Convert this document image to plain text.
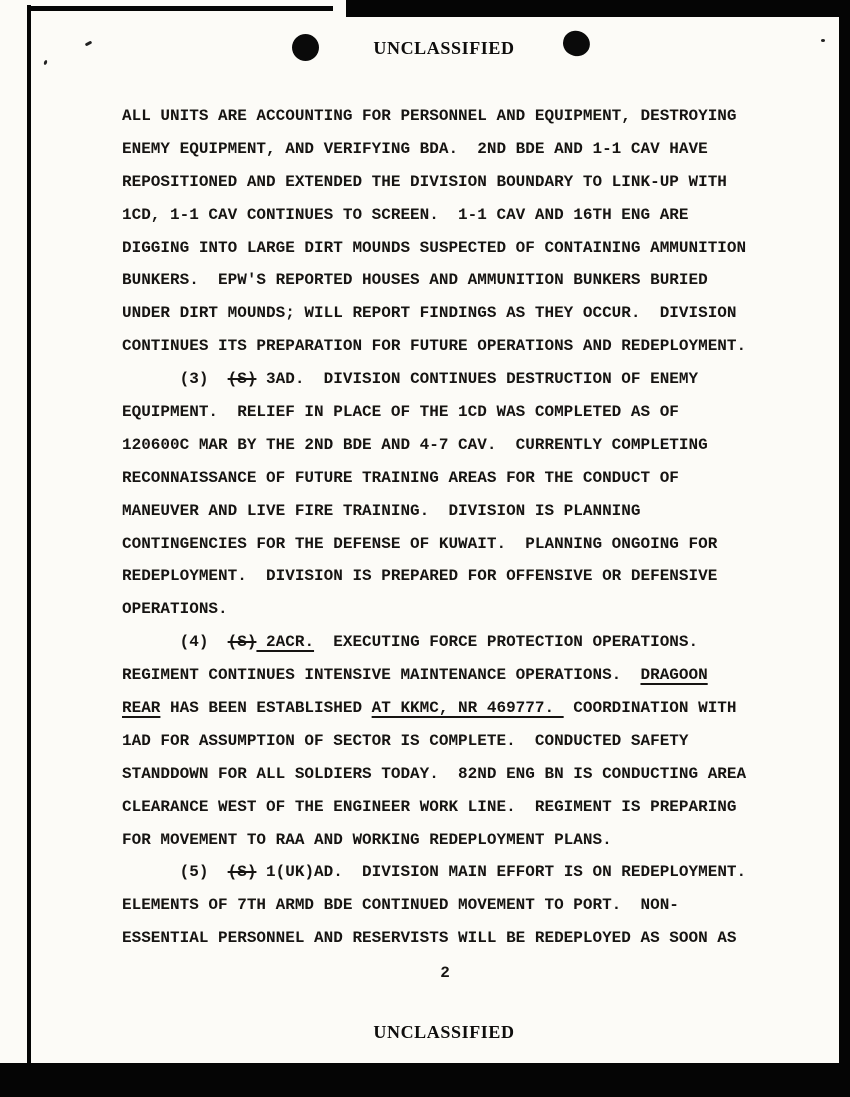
UNCLASSIFIED
ALL UNITS ARE ACCOUNTING FOR PERSONNEL AND EQUIPMENT, DESTROYING
ENEMY EQUIPMENT, AND VERIFYING BDA.  2ND BDE AND 1-1 CAV HAVE
REPOSITIONED AND EXTENDED THE DIVISION BOUNDARY TO LINK-UP WITH
1CD, 1-1 CAV CONTINUES TO SCREEN.  1-1 CAV AND 16TH ENG ARE
DIGGING INTO LARGE DIRT MOUNDS SUSPECTED OF CONTAINING AMMUNITION
BUNKERS.  EPW'S REPORTED HOUSES AND AMMUNITION BUNKERS BURIED
UNDER DIRT MOUNDS; WILL REPORT FINDINGS AS THEY OCCUR.  DIVISION
CONTINUES ITS PREPARATION FOR FUTURE OPERATIONS AND REDEPLOYMENT.
(3)  (S) 3AD.  DIVISION CONTINUES DESTRUCTION OF ENEMY
EQUIPMENT.  RELIEF IN PLACE OF THE 1CD WAS COMPLETED AS OF
120600C MAR BY THE 2ND BDE AND 4-7 CAV.  CURRENTLY COMPLETING
RECONNAISSANCE OF FUTURE TRAINING AREAS FOR THE CONDUCT OF
MANEUVER AND LIVE FIRE TRAINING.  DIVISION IS PLANNING
CONTINGENCIES FOR THE DEFENSE OF KUWAIT.  PLANNING ONGOING FOR
REDEPLOYMENT.  DIVISION IS PREPARED FOR OFFENSIVE OR DEFENSIVE
OPERATIONS.
(4)  (S) 2ACR.  EXECUTING FORCE PROTECTION OPERATIONS.
REGIMENT CONTINUES INTENSIVE MAINTENANCE OPERATIONS.  DRAGOON
REAR HAS BEEN ESTABLISHED AT KKMC, NR 469777.  COORDINATION WITH
1AD FOR ASSUMPTION OF SECTOR IS COMPLETE.  CONDUCTED SAFETY
STANDDOWN FOR ALL SOLDIERS TODAY.  82ND ENG BN IS CONDUCTING AREA
CLEARANCE WEST OF THE ENGINEER WORK LINE.  REGIMENT IS PREPARING
FOR MOVEMENT TO RAA AND WORKING REDEPLOYMENT PLANS.
(5)  (S) 1(UK)AD.  DIVISION MAIN EFFORT IS ON REDEPLOYMENT.
ELEMENTS OF 7TH ARMD BDE CONTINUED MOVEMENT TO PORT.  NON-
ESSENTIAL PERSONNEL AND RESERVISTS WILL BE REDEPLOYED AS SOON AS
2
UNCLASSIFIED
